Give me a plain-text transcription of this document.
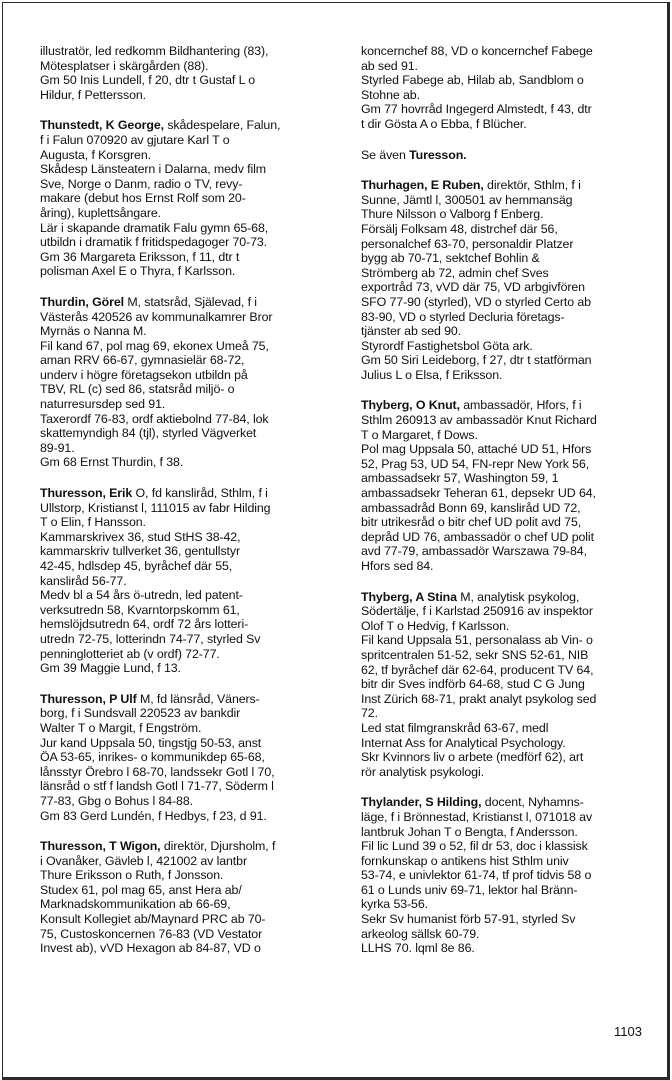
illustratör, led redkomm Bildhantering (83),
Mötesplatser i skärgården (88).
Gm 50 Inis Lundell, f 20, dtr t Gustaf L o
Hildur, f Pettersson.
Thunstedt, K George, skådespelare, Falun,
f i Falun 070920 av gjutare Karl T o
Augusta, f Korsgren.
Skådesp Länsteatern i Dalarna, medv film
Sve, Norge o Danm, radio o TV, revy-
makare (debut hos Ernst Rolf som 20-
åring), kuplettsångare.
Lär i skapande dramatik Falu gymn 65-68,
utbildn i dramatik f fritidspedagoger 70-73.
Gm 36 Margareta Eriksson, f 11, dtr t
polisman Axel E o Thyra, f Karlsson.
Thurdin, Görel M, statsråd, Själevad, f i
Västerås 420526 av kommunalkamrer Bror
Myrnäs o Nanna M.
Fil kand 67, pol mag 69, ekonex Umeå 75,
aman RRV 66-67, gymnasielär 68-72,
underv i högre företagsekon utbildn på
TBV, RL (c) sed 86, statsråd miljö- o
naturresursdep sed 91.
Taxerordf 76-83, ordf aktiebolnd 77-84, lok
skattemyndigh 84 (tjl), styrled Vägverket
89-91.
Gm 68 Ernst Thurdin, f 38.
Thuresson, Erik O, fd kanslіråd, Sthlm, f i
Ullstorp, Kristianst l, 111015 av fabr Hilding
T o Elin, f Hansson.
Kammarskrivex 36, stud StHS 38-42,
kammarskriv tullverket 36, gentullstyr
42-45, hdlsdep 45, byråchef där 55,
kanslіråd 56-77.
Medv bl a 54 års ö-utredn, led patent-
verksutredn 58, Kvarntorpskomm 61,
hemslöjdsutredn 64, ordf 72 års lotteri-
utredn 72-75, lotterindn 74-77, styrled Sv
penninglotteriet ab (v ordf) 72-77.
Gm 39 Maggie Lund, f 13.
Thuresson, P Ulf M, fd länsråd, Väners-
borg, f i Sundsvall 220523 av bankdir
Walter T o Margit, f Engström.
Jur kand Uppsala 50, tingstjg 50-53, anst
ÖA 53-65, inrikes- o kommunikdep 65-68,
lånsstyr Örebro l 68-70, landssekr Gotl l 70,
länsråd o stf f landsh Gotl l 71-77, Söderm l
77-83, Gbg o Bohus l 84-88.
Gm 83 Gerd Lundén, f Hedbys, f 23, d 91.
Thuresson, T Wigon, direktör, Djursholm, f
i Ovanåker, Gävleb l, 421002 av lantbr
Thure Eriksson o Ruth, f Jonsson.
Studex 61, pol mag 65, anst Hera ab/
Marknadskommunikation ab 66-69,
Konsult Kollegiet ab/Maynard PRC ab 70-
75, Custoskoncernen 76-83 (VD Vestator
Invest ab), vVD Hexagon ab 84-87, VD o
koncernchef 88, VD o koncernchef Fabege
ab sed 91.
Styrled Fabege ab, Hilab ab, Sandblom o
Stohne ab.
Gm 77 hovrråd Ingegerd Almstedt, f 43, dtr
t dir Gösta A o Ebba, f Blücher.
Se även Turesson.
Thurhagen, E Ruben, direktör, Sthlm, f i
Sunne, Jämtl l, 300501 av hemmansäg
Thure Nilsson o Valborg f Enberg.
Försälj Folksam 48, distrchef där 56,
personalchef 63-70, personaldir Platzer
bygg ab 70-71, sektchef Bohlin &
Strömberg ab 72, admin chef Sves
exportråd 73, vVD där 75, VD arbgivfören
SFO 77-90 (styrled), VD o styrled Certo ab
83-90, VD o styrled Decluria företags-
tjänster ab sed 90.
Styrordf Fastighetsbol Göta ark.
Gm 50 Siri Leideborg, f 27, dtr t statförman
Julius L o Elsa, f Eriksson.
Thyberg, O Knut, ambassadör, Hfors, f i
Sthlm 260913 av ambassadör Knut Richard
T o Margaret, f Dows.
Pol mag Uppsala 50, attaché UD 51, Hfors
52, Prag 53, UD 54, FN-repr New York 56,
ambassadsekr 57, Washington 59, 1
ambassadsekr Teheran 61, depsekr UD 64,
ambassadråd Bonn 69, kanslіråd UD 72,
bitr utrikesråd o bitr chef UD polit avd 75,
depråd UD 76, ambassadör o chef UD polit
avd 77-79, ambassadör Warszawa 79-84,
Hfors sed 84.
Thyberg, A Stina M, analytisk psykolog,
Södertälje, f i Karlstad 250916 av inspektor
Olof T o Hedvig, f Karlsson.
Fil kand Uppsala 51, personalass ab Vin- o
spritcentralen 51-52, sekr SNS 52-61, NIB
62, tf byråchef där 62-64, producent TV 64,
bitr dir Sves indförb 64-68, stud C G Jung
Inst Zürich 68-71, prakt analyt psykolog sed
72.
Led stat filmgranskråd 63-67, medl
Internat Ass for Analytical Psychology.
Skr Kvinnors liv o arbete (medförf 62), art
rör analytisk psykologi.
Thylander, S Hilding, docent, Nyhamns-
läge, f i Brönnestad, Kristianst l, 071018 av
lantbruk Johan T o Bengta, f Andersson.
Fil lic Lund 39 o 52, fil dr 53, doc i klassisk
fornkunskap o antikens hist Sthlm univ
53-74, e univlektor 61-74, tf prof tidvis 58 o
61 o Lunds univ 69-71, lektor hal Bränn-
kyrka 53-56.
Sekr Sv humanist förb 57-91, styrled Sv
arkeolog sällsk 60-79.
LLHS 70. lqml 8e 86.
1103
